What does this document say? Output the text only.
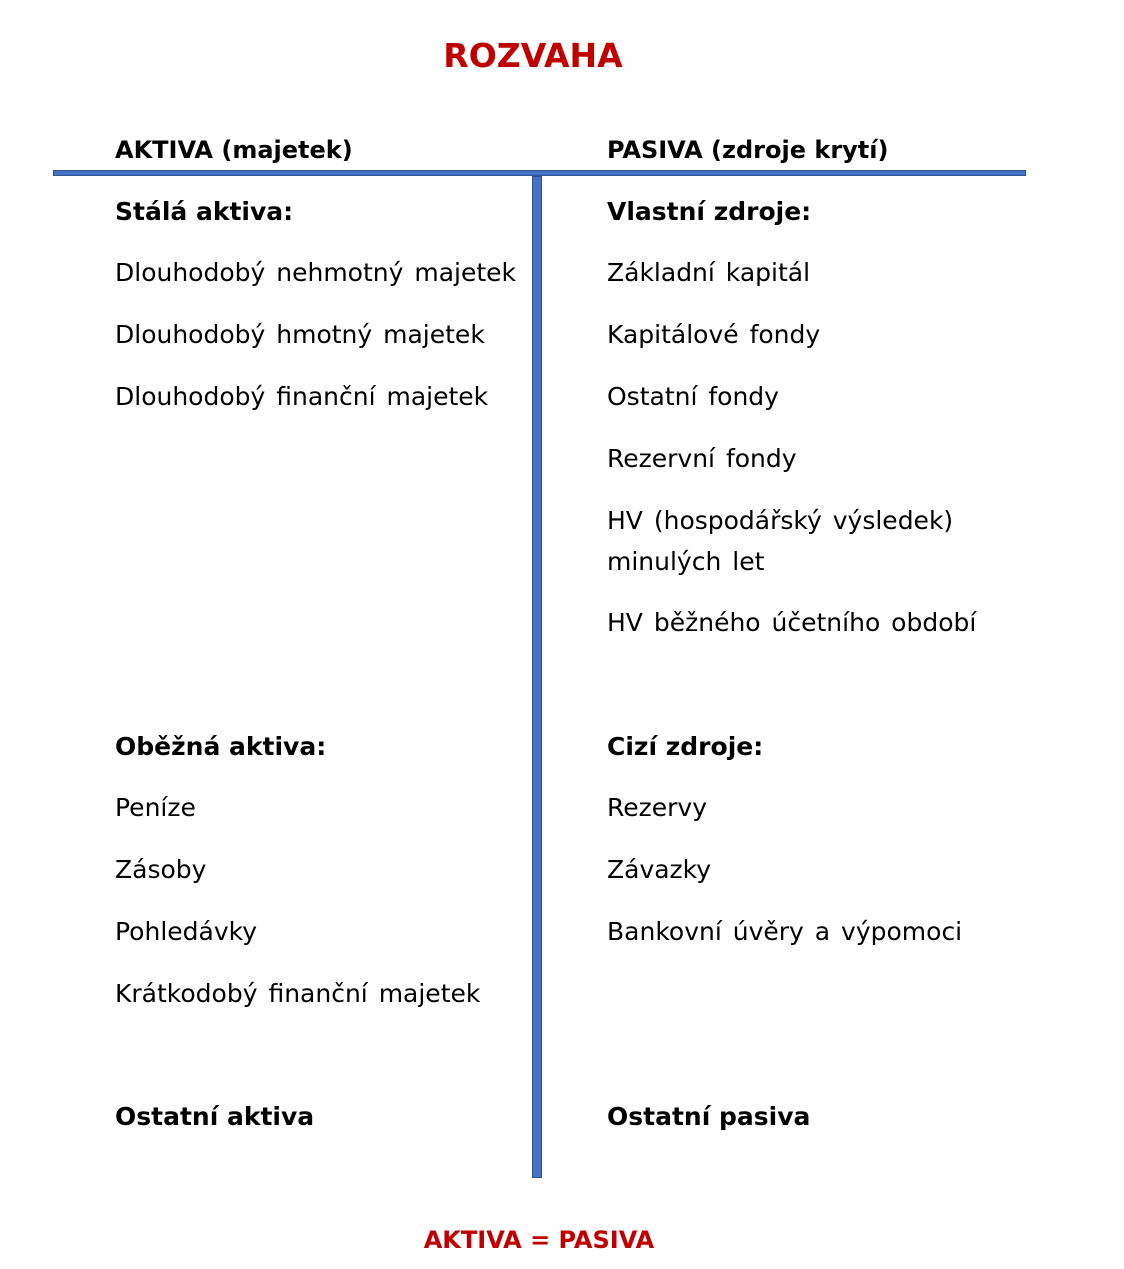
ROZVAHA
AKTIVA (majetek)	PASIVA (zdroje krytí)
Stálá aktiva:
Dlouhodobý nehmotný majetek
Dlouhodobý hmotný majetek
Dlouhodobý finanční majetek
Oběžná aktiva:
Peníze
Zásoby
Pohledávky
Krátkodobý finanční majetek
Ostatní aktiva
Vlastní zdroje:
Základní kapitál
Kapitálové fondy
Ostatní fondy
Rezervní fondy
HV (hospodářský výsledek) minulých let
HV běžného účetního období
Cizí zdroje:
Rezervy
Závazky
Bankovní úvěry a výpomoci
Ostatní pasiva
AKTIVA = PASIVA
